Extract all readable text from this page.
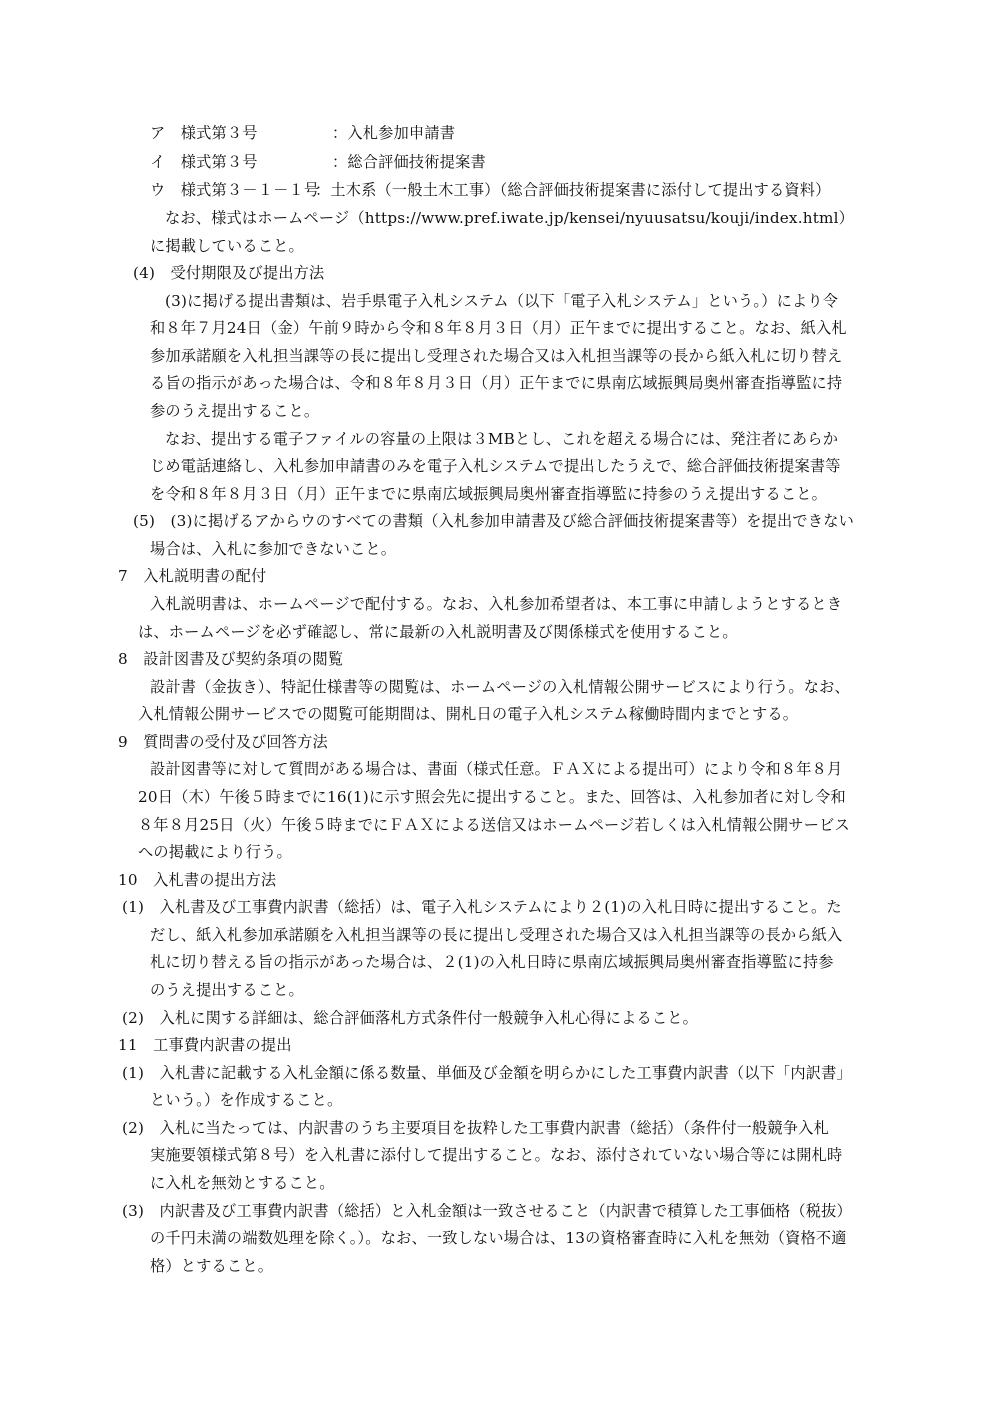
ア　様式第３号	：入札参加申請書
イ　様式第３号	：総合評価技術提案書
ウ　様式第３－１－１号
：土木系（一般土木工事）（総合評価技術提案書に添付して提出する資料）
なお、様式はホームページ（https://www.pref.iwate.jp/kensei/nyuusatsu/kouji/index.html）
に掲載していること。
(4)　受付期限及び提出方法
(3)に掲げる提出書類は、岩手県電子入札システム（以下「電子入札システム」という。）により令
和８年７月24日（金）午前９時から令和８年８月３日（月）正午までに提出すること。なお、紙入札
参加承諾願を入札担当課等の長に提出し受理された場合又は入札担当課等の長から紙入札に切り替え
る旨の指示があった場合は、令和８年８月３日（月）正午までに県南広域振興局奥州審査指導監に持
参のうえ提出すること。
なお、提出する電子ファイルの容量の上限は３MBとし、これを超える場合には、発注者にあらか
じめ電話連絡し、入札参加申請書のみを電子入札システムで提出したうえで、総合評価技術提案書等
を令和８年８月３日（月）正午までに県南広域振興局奥州審査指導監に持参のうえ提出すること。
(5)　(3)に掲げるアからウのすべての書類（入札参加申請書及び総合評価技術提案書等）を提出できない
場合は、入札に参加できないこと。
7　入札説明書の配付
入札説明書は、ホームページで配付する。なお、入札参加希望者は、本工事に申請しようとするとき
は、ホームページを必ず確認し、常に最新の入札説明書及び関係様式を使用すること。
8　設計図書及び契約条項の閲覧
設計書（金抜き）、特記仕様書等の閲覧は、ホームページの入札情報公開サービスにより行う。なお、
入札情報公開サービスでの閲覧可能期間は、開札日の電子入札システム稼働時間内までとする。
9　質問書の受付及び回答方法
設計図書等に対して質問がある場合は、書面（様式任意。ＦＡＸによる提出可）により令和８年８月
20日（木）午後５時までに16(1)に示す照会先に提出すること。また、回答は、入札参加者に対し令和
８年８月25日（火）午後５時までにＦＡＸによる送信又はホームページ若しくは入札情報公開サービス
への掲載により行う。
10　入札書の提出方法
(1)　入札書及び工事費内訳書（総括）は、電子入札システムにより２(1)の入札日時に提出すること。た
だし、紙入札参加承諾願を入札担当課等の長に提出し受理された場合又は入札担当課等の長から紙入
札に切り替える旨の指示があった場合は、２(1)の入札日時に県南広域振興局奥州審査指導監に持参
のうえ提出すること。
(2)　入札に関する詳細は、総合評価落札方式条件付一般競争入札心得によること。
11　工事費内訳書の提出
(1)　入札書に記載する入札金額に係る数量、単価及び金額を明らかにした工事費内訳書（以下「内訳書」
という。）を作成すること。
(2)　入札に当たっては、内訳書のうち主要項目を抜粋した工事費内訳書（総括）（条件付一般競争入札
実施要領様式第８号）を入札書に添付して提出すること。なお、添付されていない場合等には開札時
に入札を無効とすること。
(3)　内訳書及び工事費内訳書（総括）と入札金額は一致させること（内訳書で積算した工事価格（税抜）
の千円未満の端数処理を除く。）。なお、一致しない場合は、13の資格審査時に入札を無効（資格不適
格）とすること。
